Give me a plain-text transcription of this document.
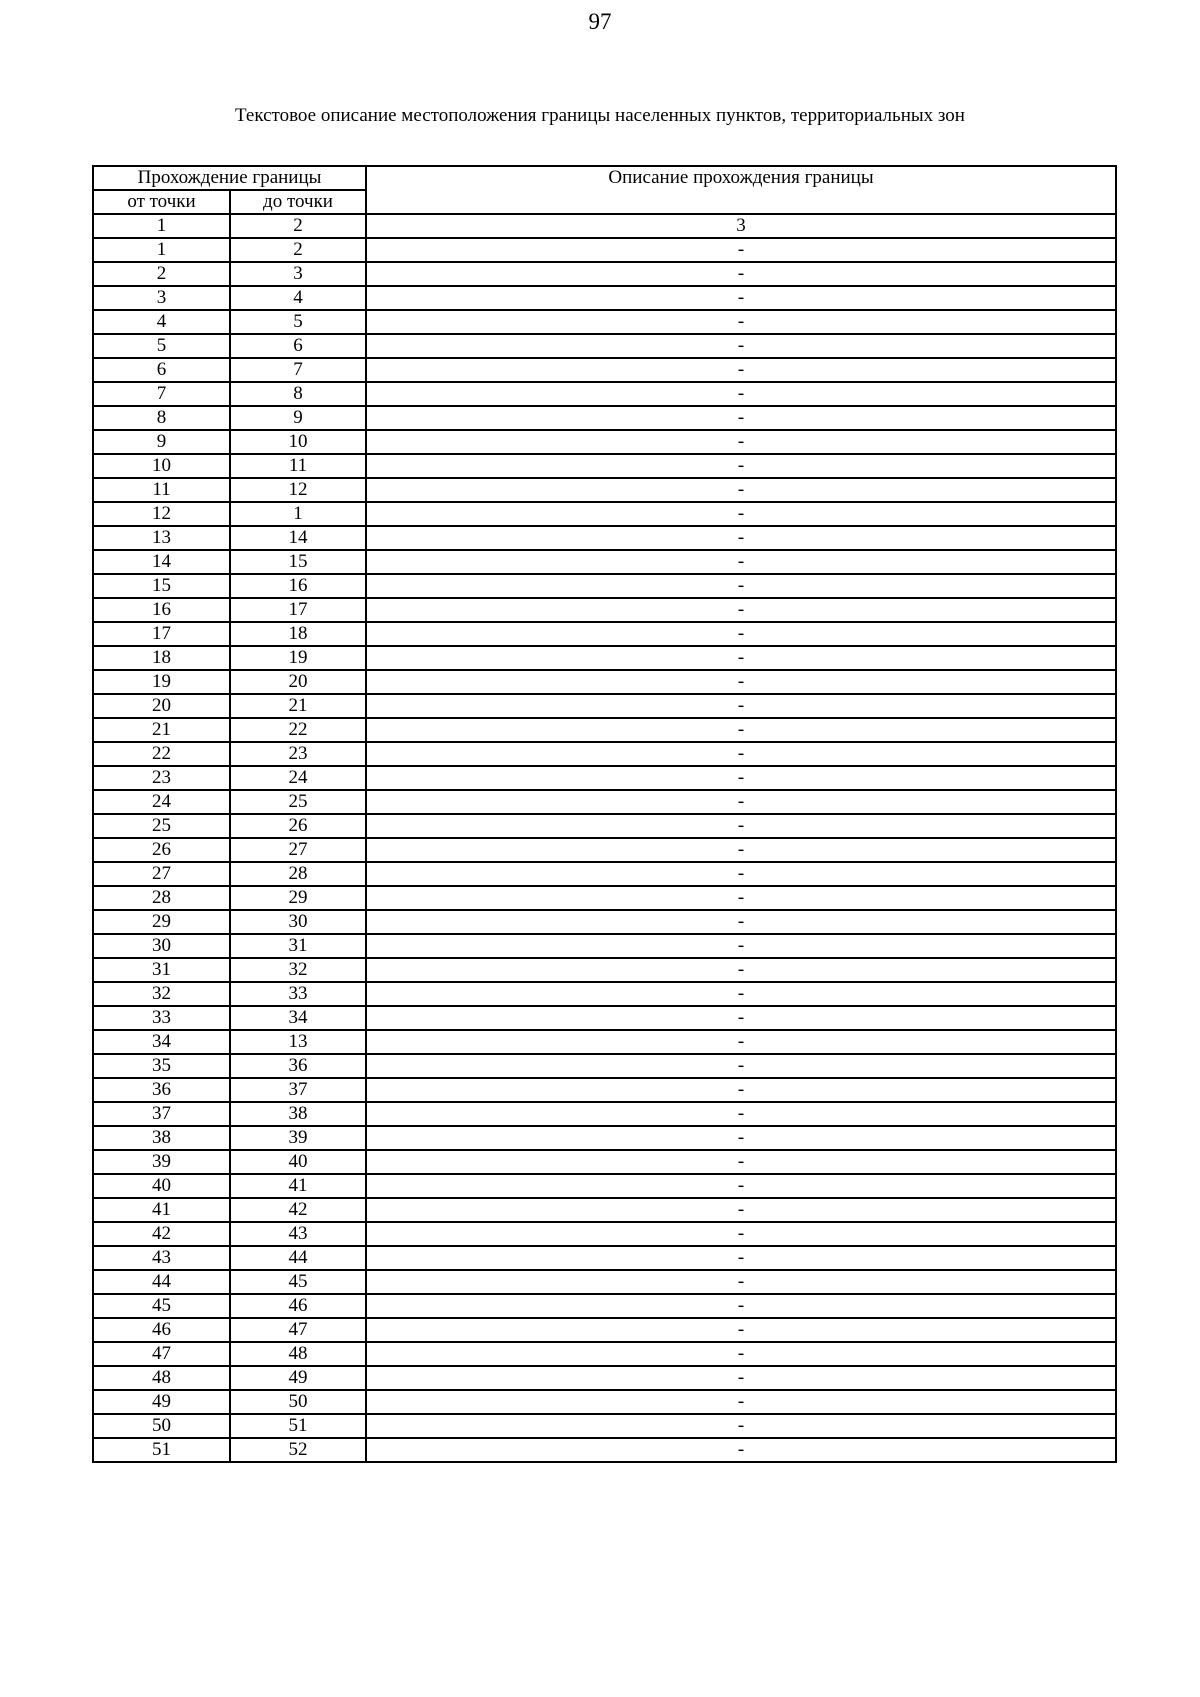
97
Текстовое описание местоположения границы населенных пунктов, территориальных зон
Прохождение границы		Описание прохождения границы
от точки	до точки	
1	2	3
1	2	-
2	3	-
3	4	-
4	5	-
5	6	-
6	7	-
7	8	-
8	9	-
9	10	-
10	11	-
11	12	-
12	1	-
13	14	-
14	15	-
15	16	-
16	17	-
17	18	-
18	19	-
19	20	-
20	21	-
21	22	-
22	23	-
23	24	-
24	25	-
25	26	-
26	27	-
27	28	-
28	29	-
29	30	-
30	31	-
31	32	-
32	33	-
33	34	-
34	13	-
35	36	-
36	37	-
37	38	-
38	39	-
39	40	-
40	41	-
41	42	-
42	43	-
43	44	-
44	45	-
45	46	-
46	47	-
47	48	-
48	49	-
49	50	-
50	51	-
51	52	-
